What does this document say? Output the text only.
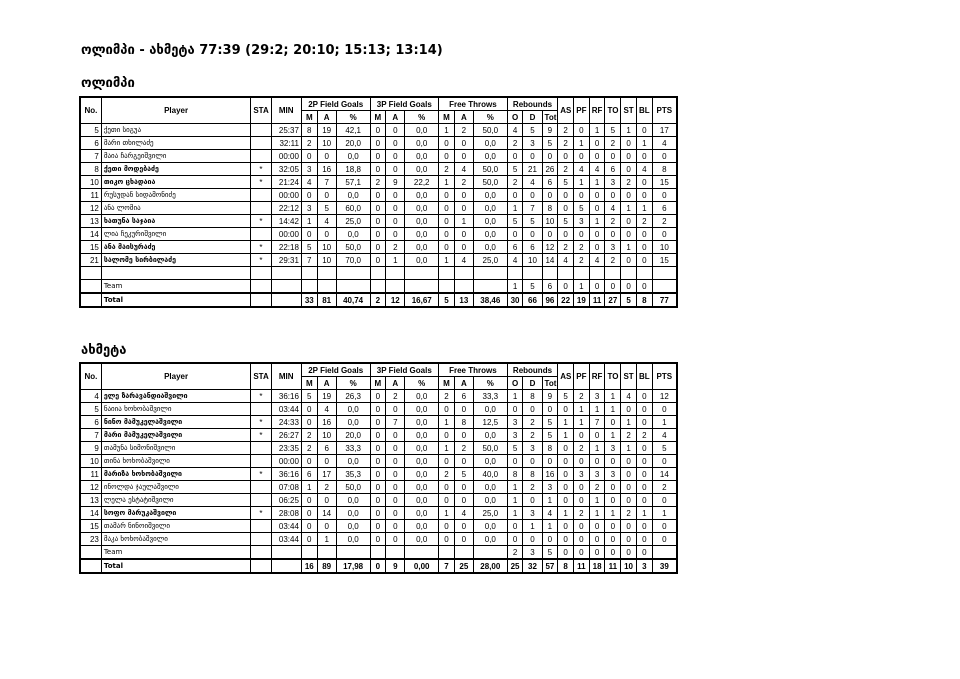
ოლიმპი - ახმეტა 77:39 (29:2; 20:10; 15:13; 13:14)
ოლიმპი
No.	Player	STA	MIN	2P Field Goals			3P Field Goals			Free Throws			Rebounds			AS	PF	RF	TO	ST	BL	PTS
				M	A	%	M	A	%	M	A	%	O	D	Tot							
5	ქეთი სიგუა		25:37	8	19	42,1	0	0	0,0	1	2	50,0	4	5	9	2	0	1	5	1	0	17
6	მარი თხილაძე		32:11	2	10	20,0	0	0	0,0	0	0	0,0	2	3	5	2	1	0	2	0	1	4
7	მაია ჩარგეიშვილი		00:00	0	0	0,0	0	0	0,0	0	0	0,0	0	0	0	0	0	0	0	0	0	0
8	ქეთი მოდებაძე	*	32:05	3	16	18,8	0	0	0,0	2	4	50,0	5	21	26	2	4	4	6	0	4	8
10	თიკო ცხადაია	*	21:24	4	7	57,1	2	9	22,2	1	2	50,0	2	4	6	5	1	1	3	2	0	15
11	რუსუდან სიდამონიძე		00:00	0	0	0,0	0	0	0,0	0	0	0,0	0	0	0	0	0	0	0	0	0	0
12	ანა ლომია		22:12	3	5	60,0	0	0	0,0	0	0	0,0	1	7	8	0	5	0	4	1	1	6
13	ხათუნა საჯაია	*	14:42	1	4	25,0	0	0	0,0	0	1	0,0	5	5	10	5	3	1	2	0	2	2
14	ლია ჩეკურიშვილი		00:00	0	0	0,0	0	0	0,0	0	0	0,0	0	0	0	0	0	0	0	0	0	0
15	ანა მაისურაძე	*	22:18	5	10	50,0	0	2	0,0	0	0	0,0	6	6	12	2	2	0	3	1	0	10
21	სალომე სირბილაძე	*	29:31	7	10	70,0	0	1	0,0	1	4	25,0	4	10	14	4	2	4	2	0	0	15

	Team												1	5	6	0	1	0	0	0	0	
	Total			33	81	40,74	2	12	16,67	5	13	38,46	30	66	96	22	19	11	27	5	8	77
ახმეტა
No.	Player	STA	MIN	2P Field Goals			3P Field Goals			Free Throws			Rebounds			AS	PF	RF	TO	ST	BL	PTS
				M	A	%	M	A	%	M	A	%	O	D	Tot							
4	ელე ზარავანდიაშვილი	*	36:16	5	19	26,3	0	2	0,0	2	6	33,3	1	8	9	5	2	3	1	4	0	12
5	ნაიია ხოხობაშვილი		03:44	0	4	0,0	0	0	0,0	0	0	0,0	0	0	0	0	1	1	1	0	0	0
6	ნინო მამუკელაშვილი	*	24:33	0	16	0,0	0	7	0,0	1	8	12,5	3	2	5	1	1	7	0	1	0	1
7	მარი მამუკელაშვილი	*	26:27	2	10	20,0	0	0	0,0	0	0	0,0	3	2	5	1	0	0	1	2	2	4
9	თამუნა სიმონიშვილი		23:35	2	6	33,3	0	0	0,0	1	2	50,0	5	3	8	0	2	1	3	1	0	5
10	თინა ხოხობაშვილი		00:00	0	0	0,0	0	0	0,0	0	0	0,0	0	0	0	0	0	0	0	0	0	0
11	მარიზა ხოხობაშვილი	*	36:16	6	17	35,3	0	0	0,0	2	5	40,0	8	8	16	0	3	3	3	0	0	14
12	ინოლდა ჯაულაშვილი		07:08	1	2	50,0	0	0	0,0	0	0	0,0	1	2	3	0	0	2	0	0	0	2
13	ლელა ესტატიშვილი		06:25	0	0	0,0	0	0	0,0	0	0	0,0	1	0	1	0	0	1	0	0	0	0
14	სოფო მარუკაშვილი	*	28:08	0	14	0,0	0	0	0,0	1	4	25,0	1	3	4	1	2	1	1	2	1	1
15	თამარ ნინოიშვილი		03:44	0	0	0,0	0	0	0,0	0	0	0,0	0	1	1	0	0	0	0	0	0	0
23	მაკა ხოხობაშვილი		03:44	0	1	0,0	0	0	0,0	0	0	0,0	0	0	0	0	0	0	0	0	0	0
	Team												2	3	5	0	0	0	0	0	0	
	Total			16	89	17,98	0	9	0,00	7	25	28,00	25	32	57	8	11	18	11	10	3	39
